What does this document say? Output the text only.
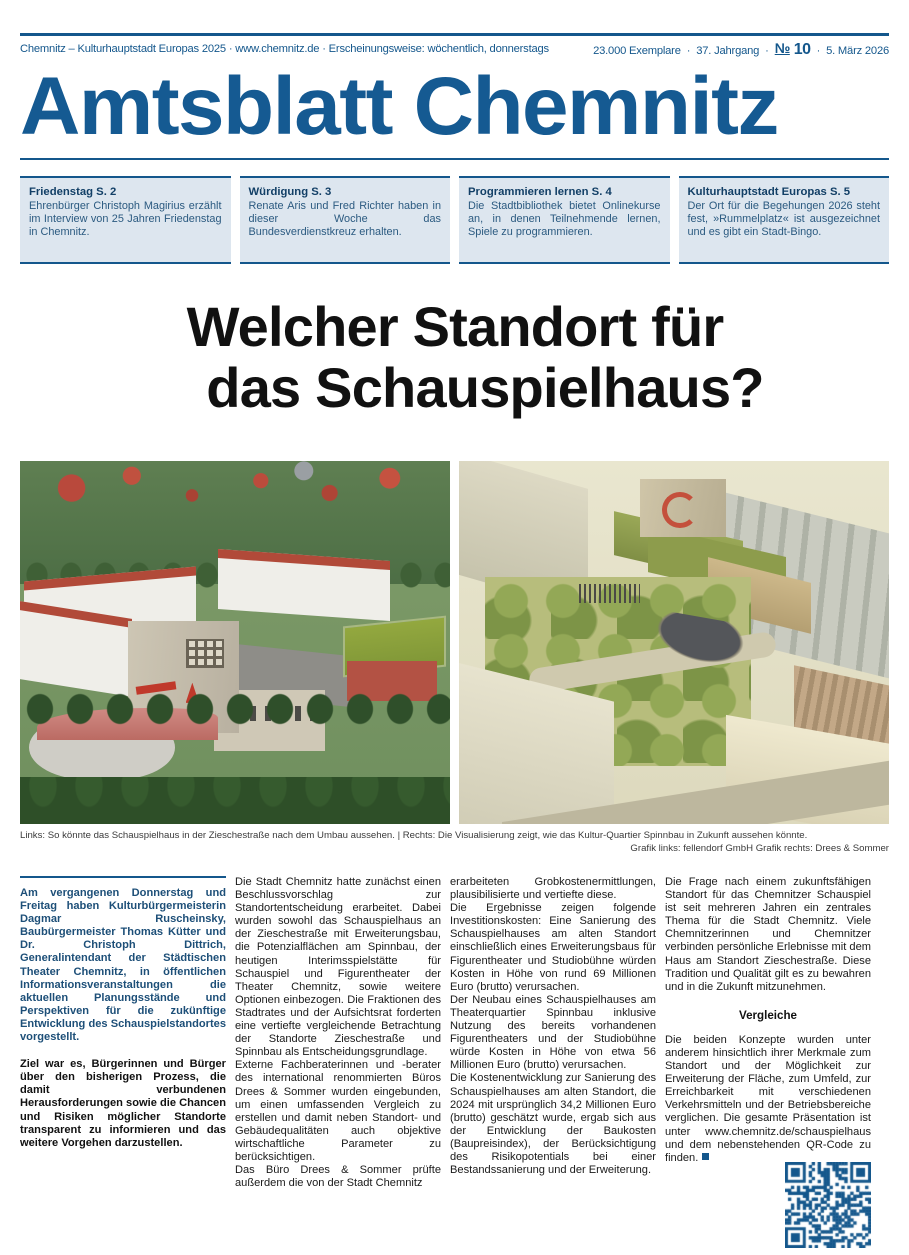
Chemnitz – Kulturhauptstadt Europas 2025 · www.chemnitz.de · Erscheinungsweise: wöchentlich, donnerstags	23.000 Exemplare · 37. Jahrgang · № 10 · 5. März 2026
Amtsblatt Chemnitz
Friedenstag S. 2
Ehrenbürger Christoph Magirius erzählt im Interview von 25 Jahren Friedenstag in Chemnitz.
Würdigung S. 3
Renate Aris und Fred Richter haben in dieser Woche das Bundesverdienstkreuz erhalten.
Programmieren lernen S. 4
Die Stadtbibliothek bietet Onlinekurse an, in denen Teilnehmende lernen, Spiele zu programmieren.
Kulturhauptstadt Europas S. 5
Der Ort für die Begehungen 2026 steht fest, »Rummelplatz« ist ausgezeichnet und es gibt ein Stadt-Bingo.
Welcher Standort für
das Schauspielhaus?
Links: So könnte das Schauspielhaus in der Zieschestraße nach dem Umbau aussehen. | Rechts: Die Visualisierung zeigt, wie das Kultur-Quartier Spinnbau in Zukunft aussehen könnte.
Grafik links: fellendorf GmbH Grafik rechts: Drees & Sommer

Am vergangenen Donnerstag und Freitag haben Kulturbürgermeisterin Dagmar Ruscheinsky, Baubürgermeister Thomas Kütter und Dr. Christoph Dittrich, Generalintendant der Städtischen Theater Chemnitz, in öffentlichen Informationsveranstaltungen die aktuellen Planungsstände und Perspektiven für die zukünftige Entwicklung des Schauspielstandortes vorgestellt.

Ziel war es, Bürgerinnen und Bürger über den bisherigen Prozess, die damit verbundenen Herausforderungen sowie die Chancen und Risiken möglicher Standorte transparent zu informieren und das weitere Vorgehen darzustellen.

Die Stadt Chemnitz hatte zunächst einen Beschlussvorschlag zur Standortentscheidung erarbeitet. Dabei wurden sowohl das Schauspielhaus an der Zieschestraße mit Erweiterungsbau, die Potenzialflächen am Spinnbau, der heutigen Interimsspielstätte für Schauspiel und Figurentheater der Theater Chemnitz, sowie weitere Optionen einbezogen. Die Fraktionen des Stadtrates und der Aufsichtsrat forderten eine vertiefte vergleichende Betrachtung der Standorte Zieschestraße und Spinnbau als Entscheidungsgrundlage.

Externe Fachberaterinnen und -berater des international renommierten Büros Drees & Sommer wurden eingebunden, um einen umfassenden Vergleich zu erstellen und damit neben Standort- und Gebäudequalitäten auch objektive wirtschaftliche Parameter zu berücksichtigen.

Das Büro Drees & Sommer prüfte außerdem die von der Stadt Chemnitz

erarbeiteten Grobkostenermittlungen, plausibilisierte und vertiefte diese.

Die Ergebnisse zeigen folgende Investitionskosten: Eine Sanierung des Schauspielhauses am alten Standort einschließlich eines Erweiterungsbaus für Figurentheater und Studiobühne würden Kosten in Höhe von rund 69 Millionen Euro (brutto) verursachen.

Der Neubau eines Schauspielhauses am Theaterquartier Spinnbau inklusive Nutzung des bereits vorhandenen Figurentheaters und der Studiobühne würde Kosten in Höhe von etwa 56 Millionen Euro (brutto) verursachen.

Die Kostenentwicklung zur Sanierung des Schauspielhauses am alten Standort, die 2024 mit ursprünglich 34,2 Millionen Euro (brutto) geschätzt wurde, ergab sich aus der Entwicklung der Baukosten (Baupreisindex), der Berücksichtigung des Risikopotentials bei einer Bestandssanierung und der Erweiterung.

Die Frage nach einem zukunftsfähigen Standort für das Chemnitzer Schauspiel ist seit mehreren Jahren ein zentrales Thema für die Stadt Chemnitz. Viele Chemnitzerinnen und Chemnitzer verbinden persönliche Erlebnisse mit dem Haus am Standort Zieschestraße. Diese Tradition und Qualität gilt es zu bewahren und in die Zukunft mitzunehmen.

Vergleiche

Die beiden Konzepte wurden unter anderem hinsichtlich ihrer Merkmale zum Standort und der Möglichkeit zur Erweiterung der Fläche, zum Umfeld, zur Erreichbarkeit mit verschiedenen Verkehrsmitteln und der Betriebsbereiche verglichen. Die gesamte Präsentation ist unter www.chemnitz.de/schauspielhaus und dem nebenstehenden QR-Code zu finden.
